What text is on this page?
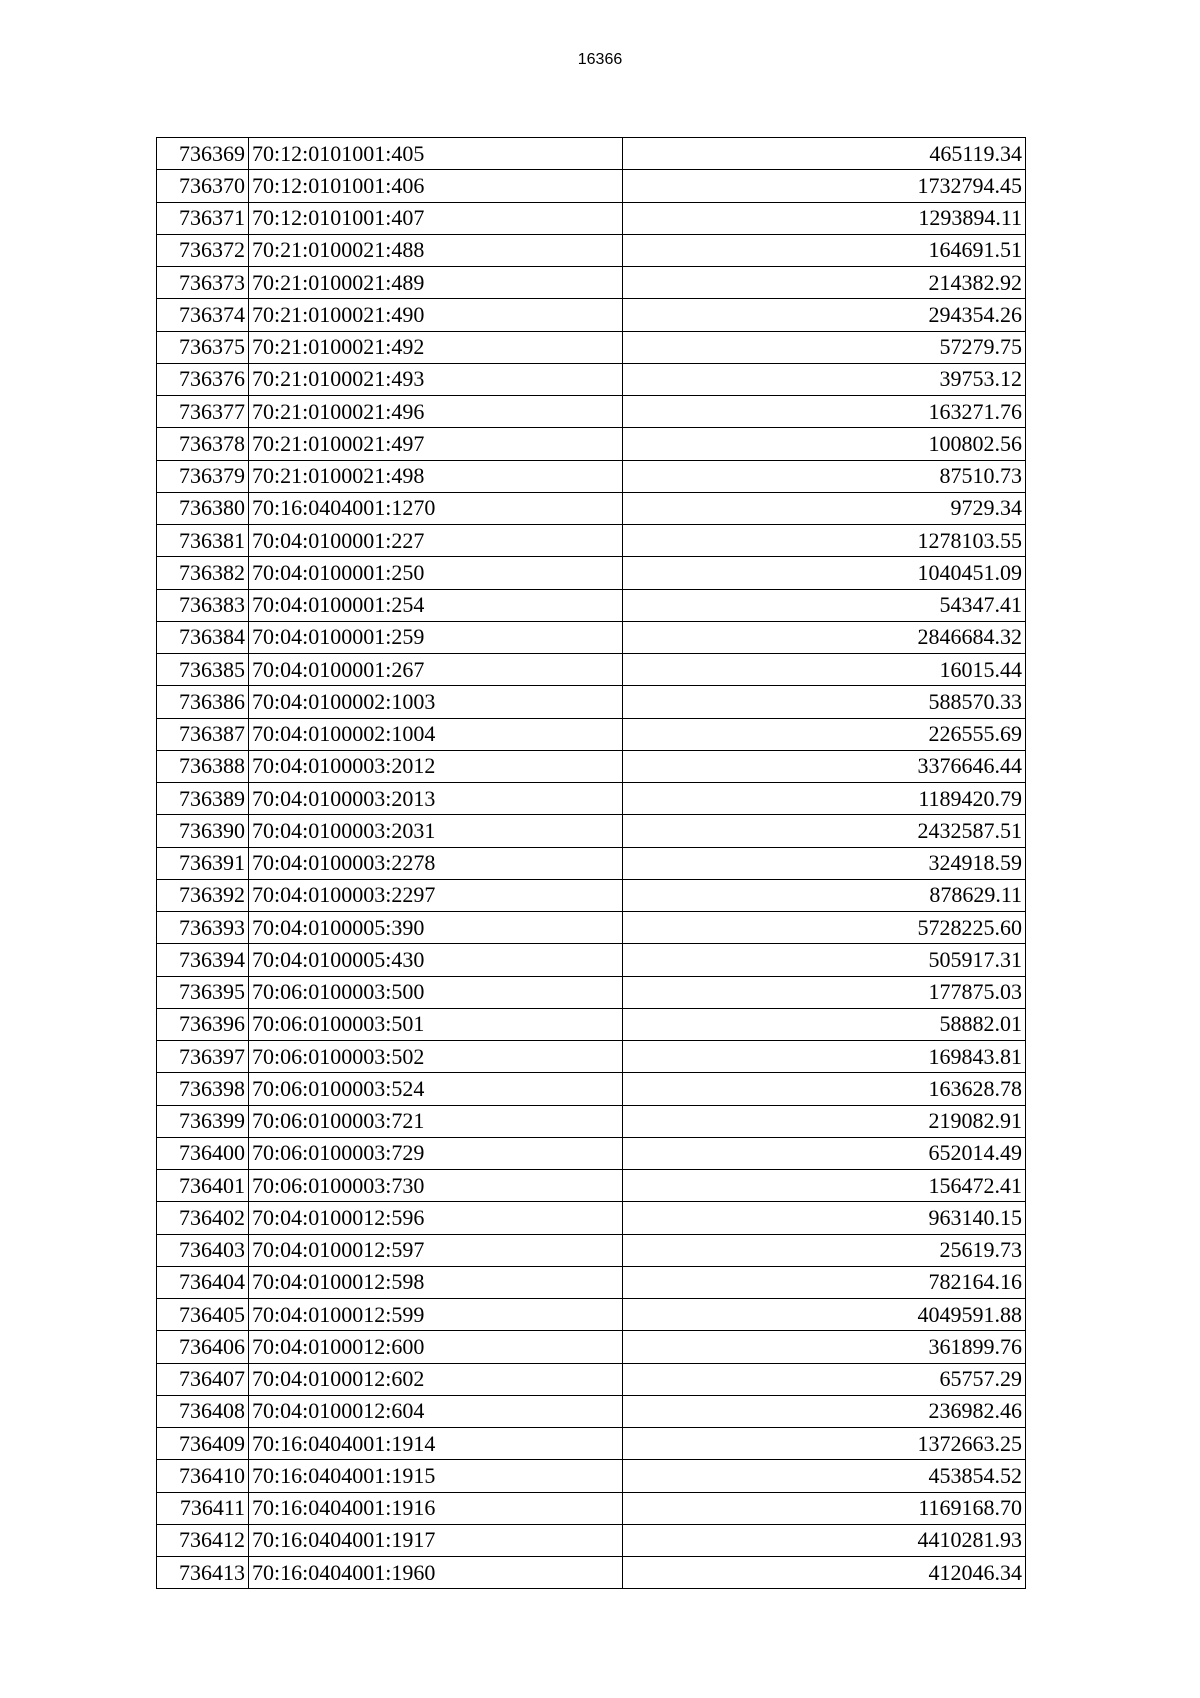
16366
736369	70:12:0101001:405	465119.34
736370	70:12:0101001:406	1732794.45
736371	70:12:0101001:407	1293894.11
736372	70:21:0100021:488	164691.51
736373	70:21:0100021:489	214382.92
736374	70:21:0100021:490	294354.26
736375	70:21:0100021:492	57279.75
736376	70:21:0100021:493	39753.12
736377	70:21:0100021:496	163271.76
736378	70:21:0100021:497	100802.56
736379	70:21:0100021:498	87510.73
736380	70:16:0404001:1270	9729.34
736381	70:04:0100001:227	1278103.55
736382	70:04:0100001:250	1040451.09
736383	70:04:0100001:254	54347.41
736384	70:04:0100001:259	2846684.32
736385	70:04:0100001:267	16015.44
736386	70:04:0100002:1003	588570.33
736387	70:04:0100002:1004	226555.69
736388	70:04:0100003:2012	3376646.44
736389	70:04:0100003:2013	1189420.79
736390	70:04:0100003:2031	2432587.51
736391	70:04:0100003:2278	324918.59
736392	70:04:0100003:2297	878629.11
736393	70:04:0100005:390	5728225.60
736394	70:04:0100005:430	505917.31
736395	70:06:0100003:500	177875.03
736396	70:06:0100003:501	58882.01
736397	70:06:0100003:502	169843.81
736398	70:06:0100003:524	163628.78
736399	70:06:0100003:721	219082.91
736400	70:06:0100003:729	652014.49
736401	70:06:0100003:730	156472.41
736402	70:04:0100012:596	963140.15
736403	70:04:0100012:597	25619.73
736404	70:04:0100012:598	782164.16
736405	70:04:0100012:599	4049591.88
736406	70:04:0100012:600	361899.76
736407	70:04:0100012:602	65757.29
736408	70:04:0100012:604	236982.46
736409	70:16:0404001:1914	1372663.25
736410	70:16:0404001:1915	453854.52
736411	70:16:0404001:1916	1169168.70
736412	70:16:0404001:1917	4410281.93
736413	70:16:0404001:1960	412046.34
